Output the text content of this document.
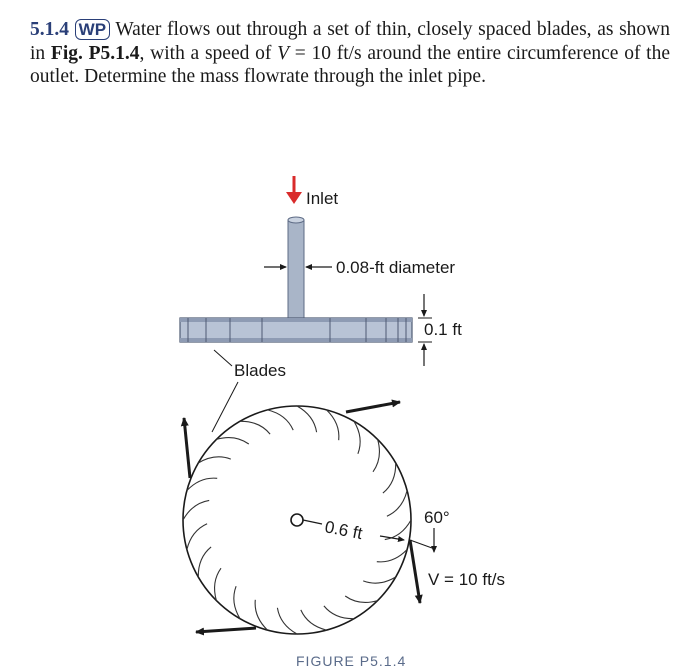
5.1.4 WP Water flows out through a set of thin, closely spaced blades, as shown in Fig. P5.1.4, with a speed of V = 10 ft/s around the entire circumference of the outlet. Determine the mass flowrate through the inlet pipe.
Inlet
0.08-ft diameter
0.1 ft
Blades
0.6 ft	60°
V = 10 ft/s
FIGURE P5.1.4
